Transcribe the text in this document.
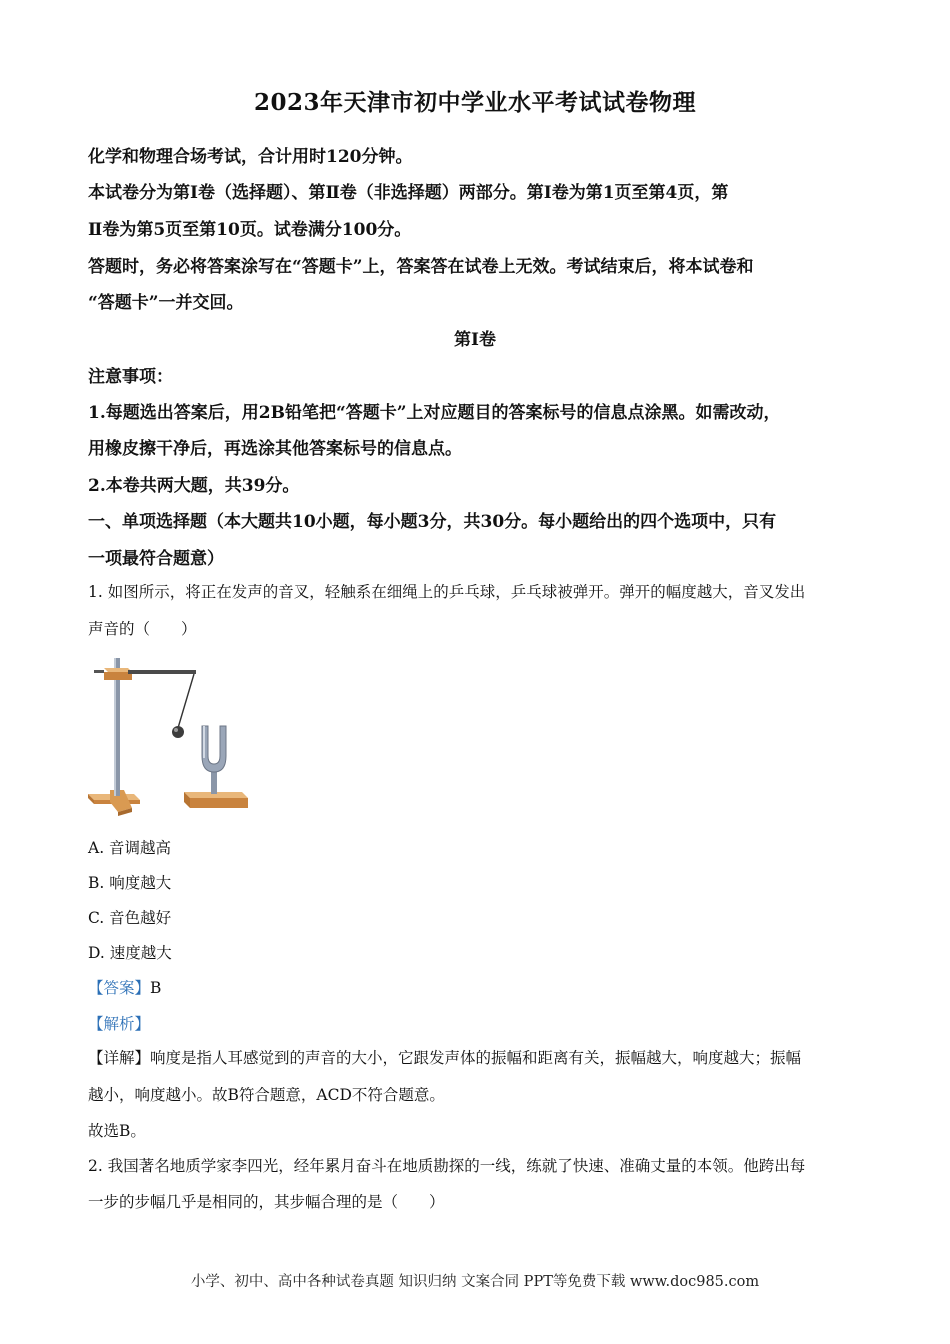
2023年天津市初中学业水平考试试卷物理
化学和物理合场考试，合计用时120分钟。
本试卷分为第Ⅰ卷（选择题）、第Ⅱ卷（非选择题）两部分。第Ⅰ卷为第1页至第4页，第
Ⅱ卷为第5页至第10页。试卷满分100分。
答题时，务必将答案涂写在“答题卡”上，答案答在试卷上无效。考试结束后，将本试卷和
“答题卡”一并交回。
第Ⅰ卷
注意事项：
1.每题选出答案后，用2B铅笔把“答题卡”上对应题目的答案标号的信息点涂黑。如需改动，
用橡皮擦干净后，再选涂其他答案标号的信息点。
2.本卷共两大题，共39分。
一、单项选择题（本大题共10小题，每小题3分，共30分。每小题给出的四个选项中，只有
一项最符合题意）
1. 如图所示，将正在发声的音叉，轻触系在细绳上的乒乓球，乒乓球被弹开。弹开的幅度越大，音叉发出
声音的（　　）
A. 音调越高
B. 响度越大
C. 音色越好
D. 速度越大
【答案】B
【解析】
【详解】响度是指人耳感觉到的声音的大小，它跟发声体的振幅和距离有关，振幅越大，响度越大；振幅
越小，响度越小。故B符合题意，ACD不符合题意。
故选B。
2. 我国著名地质学家李四光，经年累月奋斗在地质勘探的一线，练就了快速、准确丈量的本领。他跨出每
一步的步幅几乎是相同的，其步幅合理的是（　　）
小学、初中、高中各种试卷真题 知识归纳 文案合同 PPT等免费下载 www.doc985.com
